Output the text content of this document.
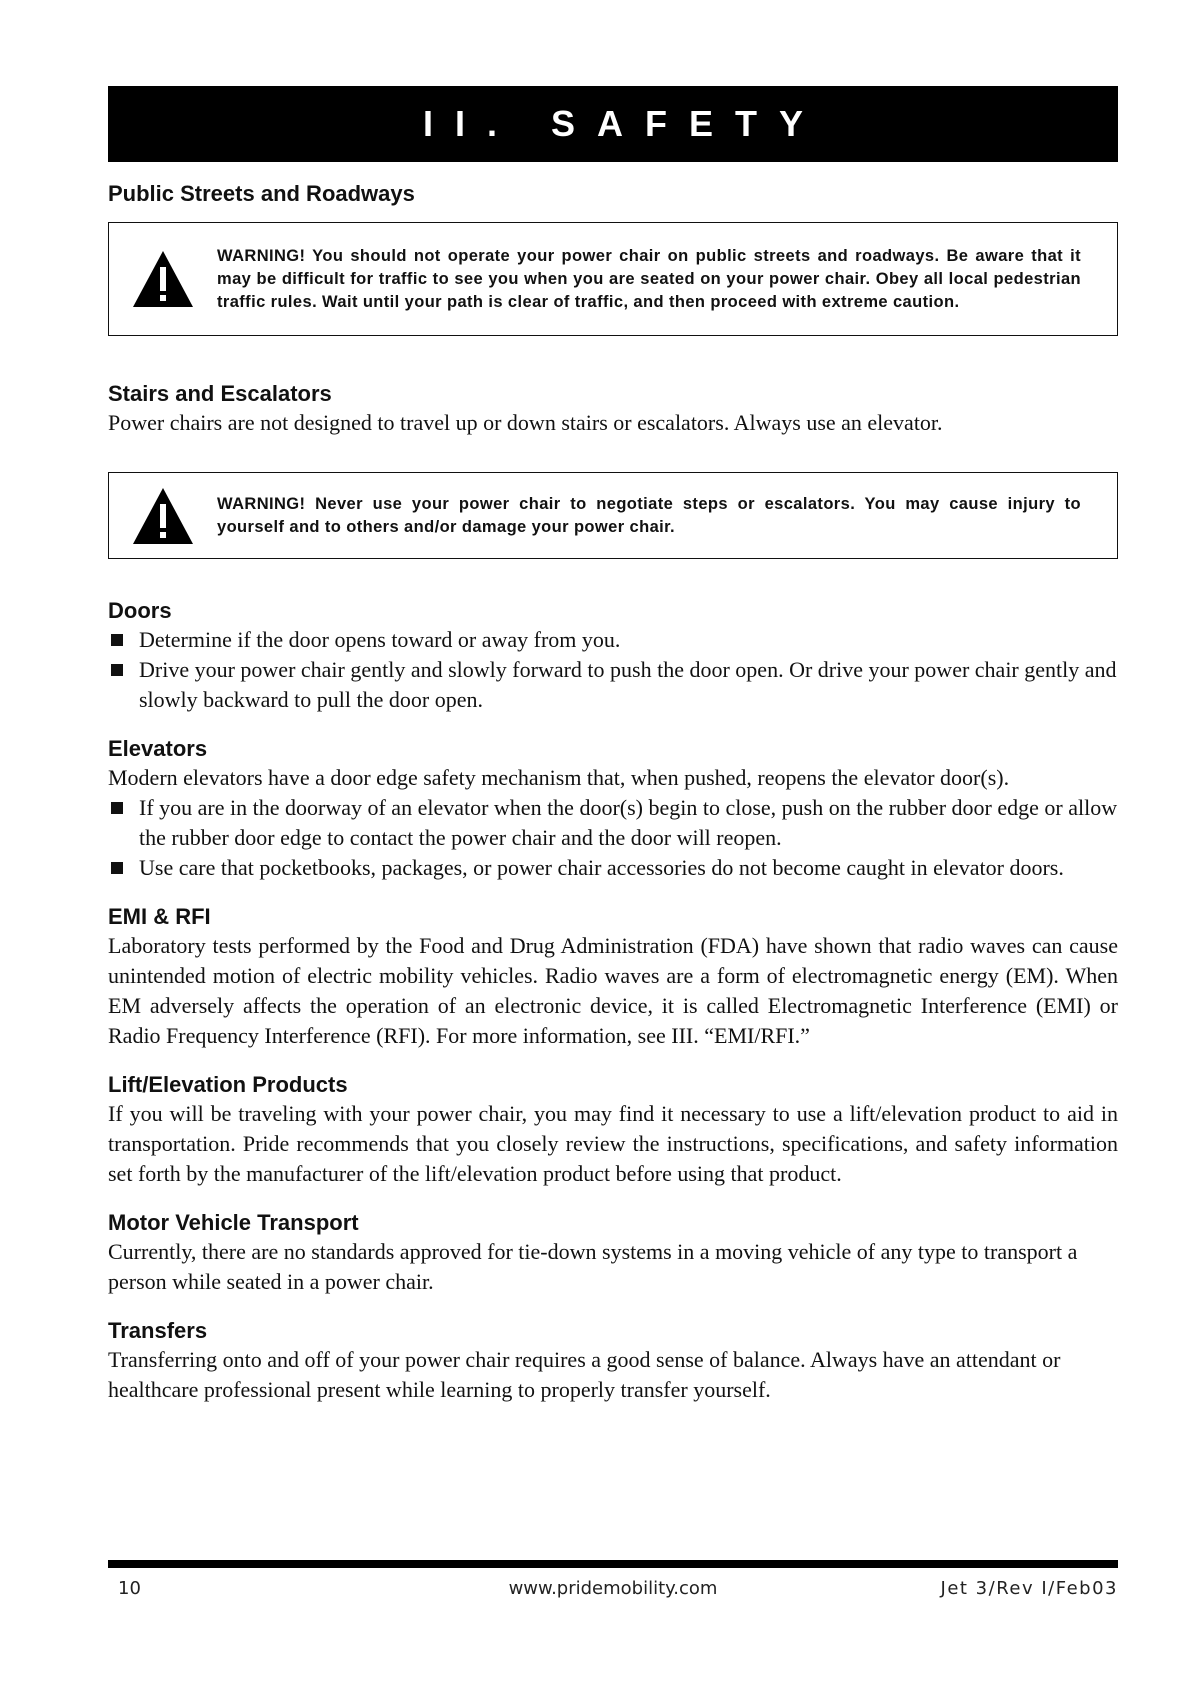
II. SAFETY
Public Streets and Roadways
WARNING! You should not operate your power chair on public streets and roadways. Be aware that it may be difficult for traffic to see you when you are seated on your power chair. Obey all local pedestrian traffic rules. Wait until your path is clear of traffic, and then proceed with extreme caution.
Stairs and Escalators

Power chairs are not designed to travel up or down stairs or escalators. Always use an elevator.

WARNING! Never use your power chair to negotiate steps or escalators. You may cause injury to yourself and to others and/or damage your power chair.
Doors
Determine if the door opens toward or away from you.
Drive your power chair gently and slowly forward to push the door open. Or drive your power chair gently and slowly backward to pull the door open.
Elevators

Modern elevators have a door edge safety mechanism that, when pushed, reopens the elevator door(s).

If you are in the doorway of an elevator when the door(s) begin to close, push on the rubber door edge or allow the rubber door edge to contact the power chair and the door will reopen.
Use care that pocketbooks, packages, or power chair accessories do not become caught in elevator doors.
EMI & RFI

Laboratory tests performed by the Food and Drug Administration (FDA) have shown that radio waves can cause unintended motion of electric mobility vehicles. Radio waves are a form of electromagnetic energy (EM). When EM adversely affects the operation of an electronic device, it is called Electromagnetic Interference (EMI) or Radio Frequency Interference (RFI). For more information, see III. “EMI/RFI.”

Lift/Elevation Products

If you will be traveling with your power chair, you may find it necessary to use a lift/elevation product to aid in transportation. Pride recommends that you closely review the instructions, specifications, and safety information set forth by the manufacturer of the lift/elevation product before using that product.

Motor Vehicle Transport

Currently, there are no standards approved for tie-down systems in a moving vehicle of any type to transport a person while seated in a power chair.

Transfers

Transferring onto and off of your power chair requires a good sense of balance. Always have an attendant or healthcare professional present while learning to properly transfer yourself.

10	www.pridemobility.com	Jet 3/Rev I/Feb03
